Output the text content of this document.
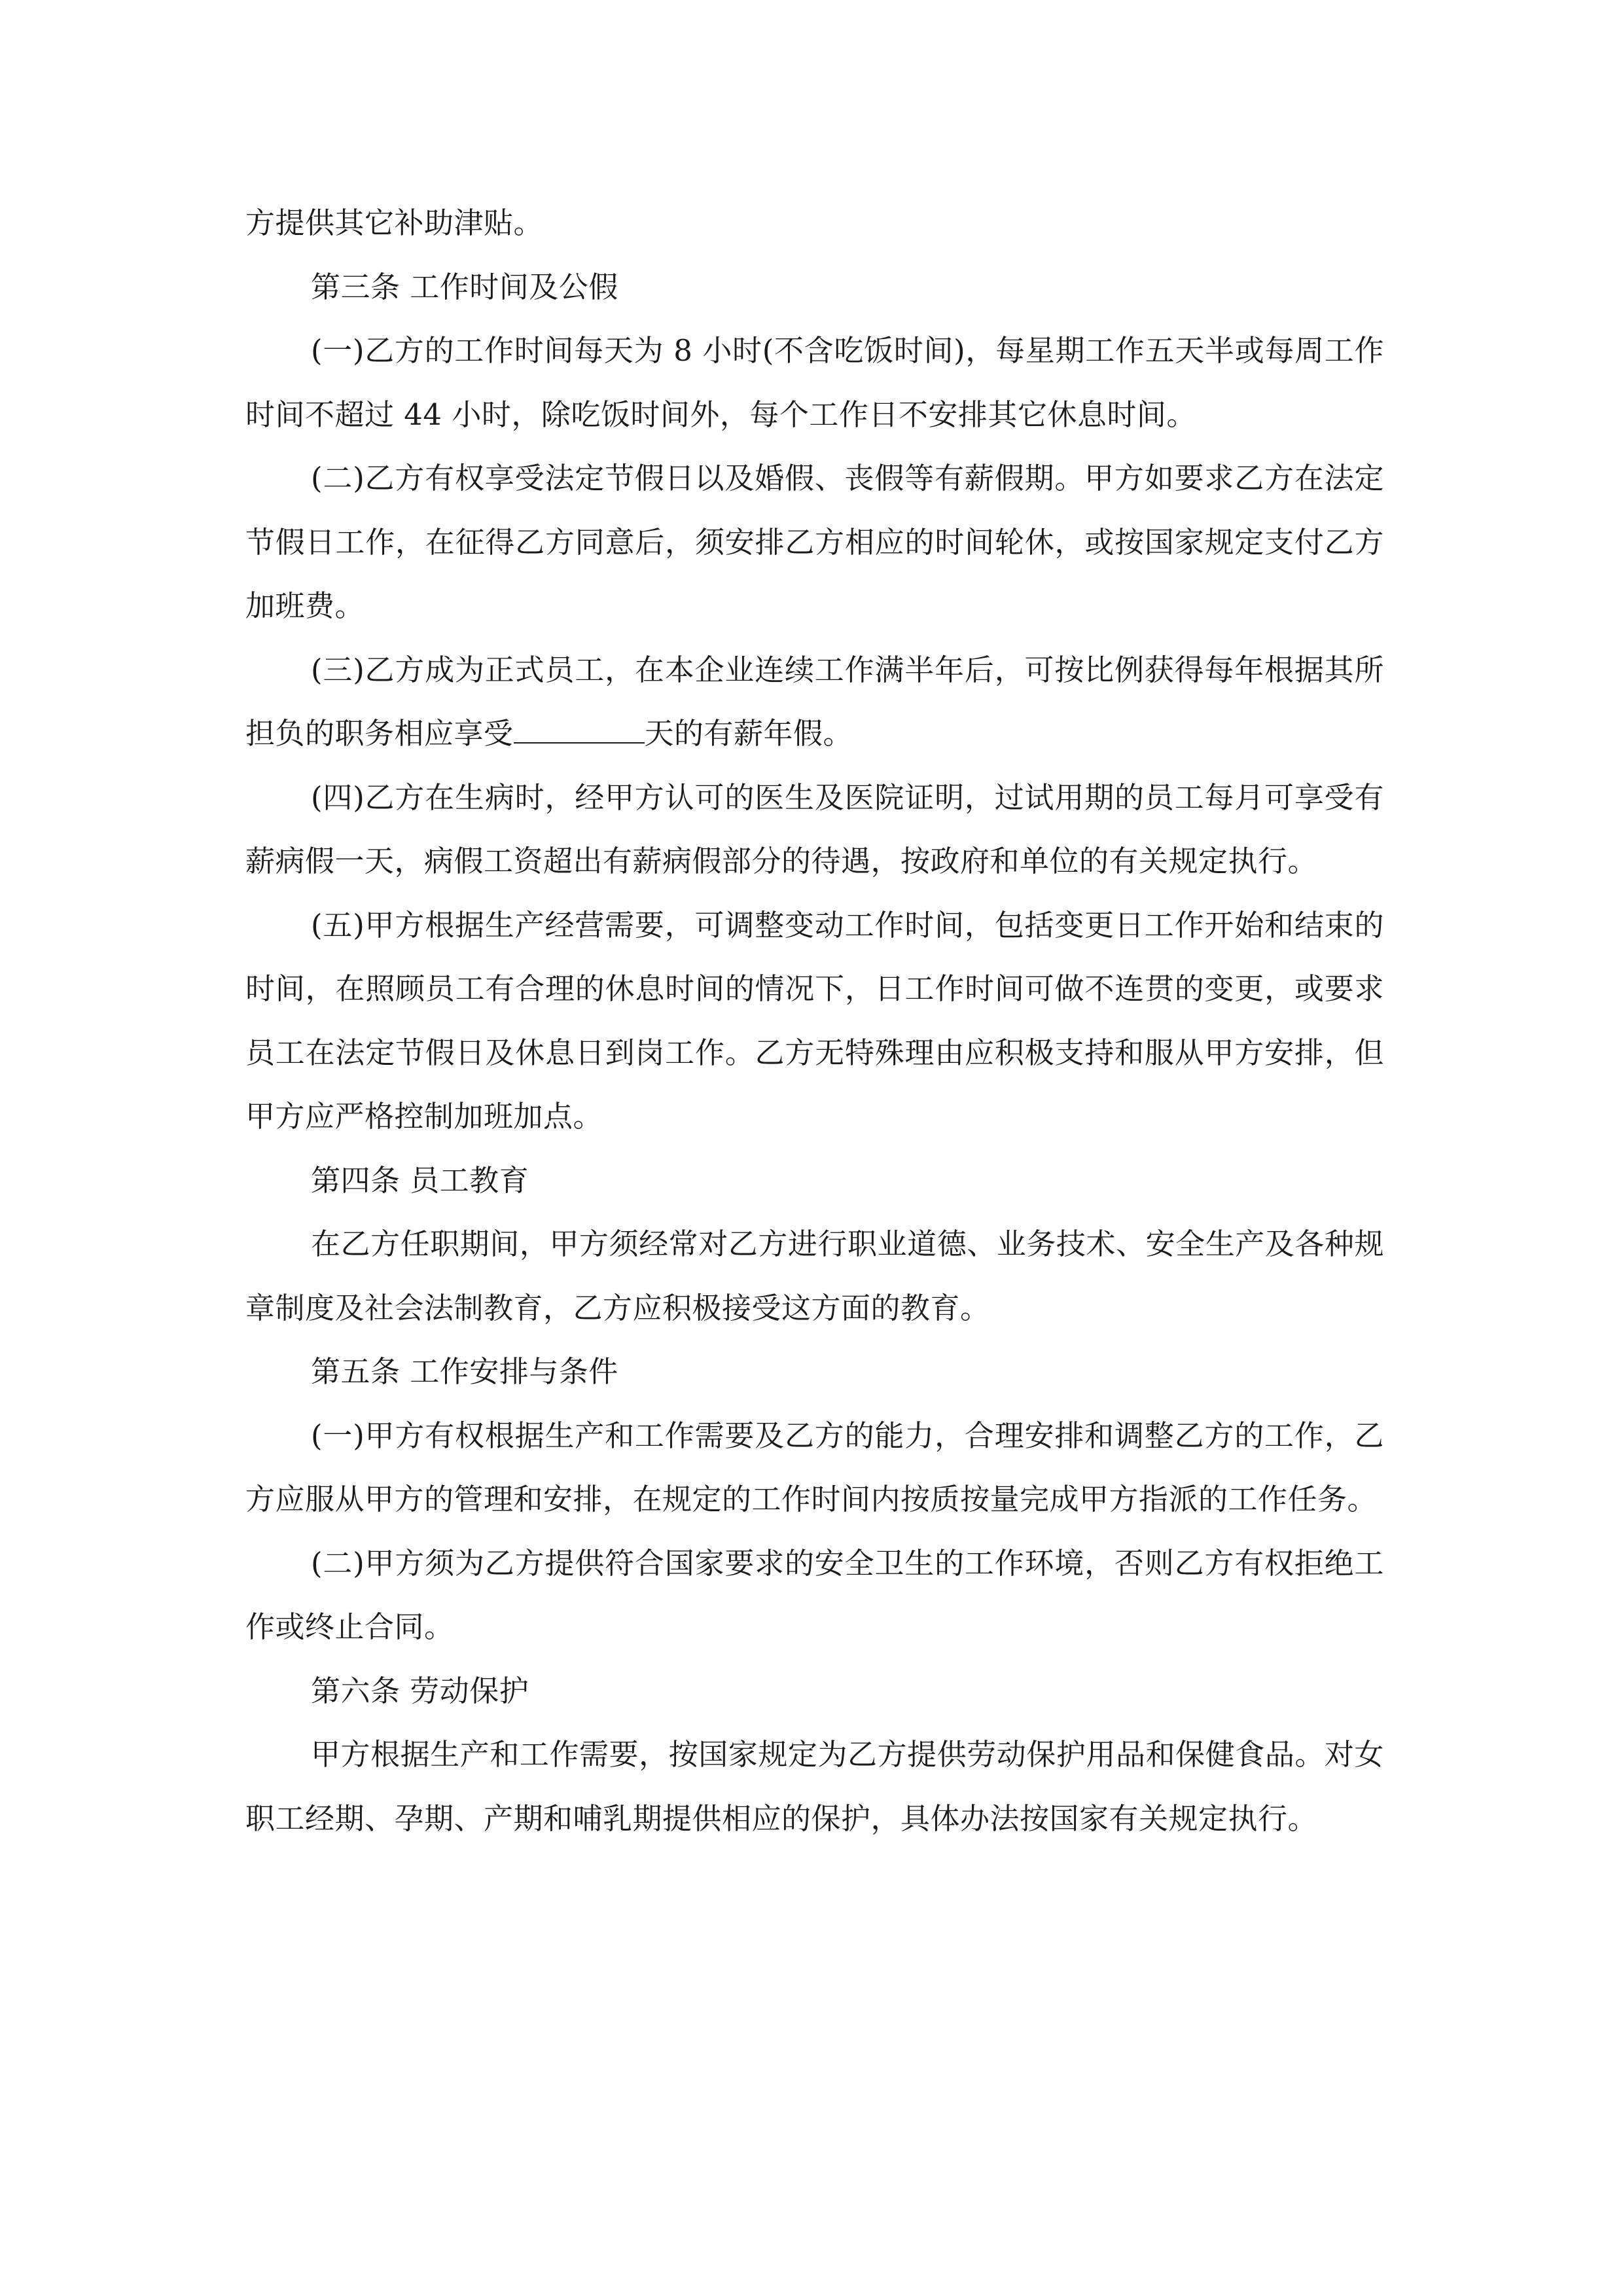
方提供其它补助津贴。

第三条 工作时间及公假

(一)乙方的工作时间每天为 8 小时(不含吃饭时间)，每星期工作五天半或每周工作时间不超过 44 小时，除吃饭时间外，每个工作日不安排其它休息时间。

(二)乙方有权享受法定节假日以及婚假、丧假等有薪假期。甲方如要求乙方在法定节假日工作，在征得乙方同意后，须安排乙方相应的时间轮休，或按国家规定支付乙方加班费。

(三)乙方成为正式员工，在本企业连续工作满半年后，可按比例获得每年根据其所担负的职务相应享受	天的有薪年假。

(四)乙方在生病时，经甲方认可的医生及医院证明，过试用期的员工每月可享受有薪病假一天，病假工资超出有薪病假部分的待遇，按政府和单位的有关规定执行。

(五)甲方根据生产经营需要，可调整变动工作时间，包括变更日工作开始和结束的时间，在照顾员工有合理的休息时间的情况下，日工作时间可做不连贯的变更，或要求员工在法定节假日及休息日到岗工作。乙方无特殊理由应积极支持和服从甲方安排，但甲方应严格控制加班加点。

第四条 员工教育

在乙方任职期间，甲方须经常对乙方进行职业道德、业务技术、安全生产及各种规章制度及社会法制教育，乙方应积极接受这方面的教育。

第五条 工作安排与条件

(一)甲方有权根据生产和工作需要及乙方的能力，合理安排和调整乙方的工作，乙方应服从甲方的管理和安排，在规定的工作时间内按质按量完成甲方指派的工作任务。

(二)甲方须为乙方提供符合国家要求的安全卫生的工作环境，否则乙方有权拒绝工作或终止合同。

第六条 劳动保护

甲方根据生产和工作需要，按国家规定为乙方提供劳动保护用品和保健食品。对女职工经期、孕期、产期和哺乳期提供相应的保护，具体办法按国家有关规定执行。
